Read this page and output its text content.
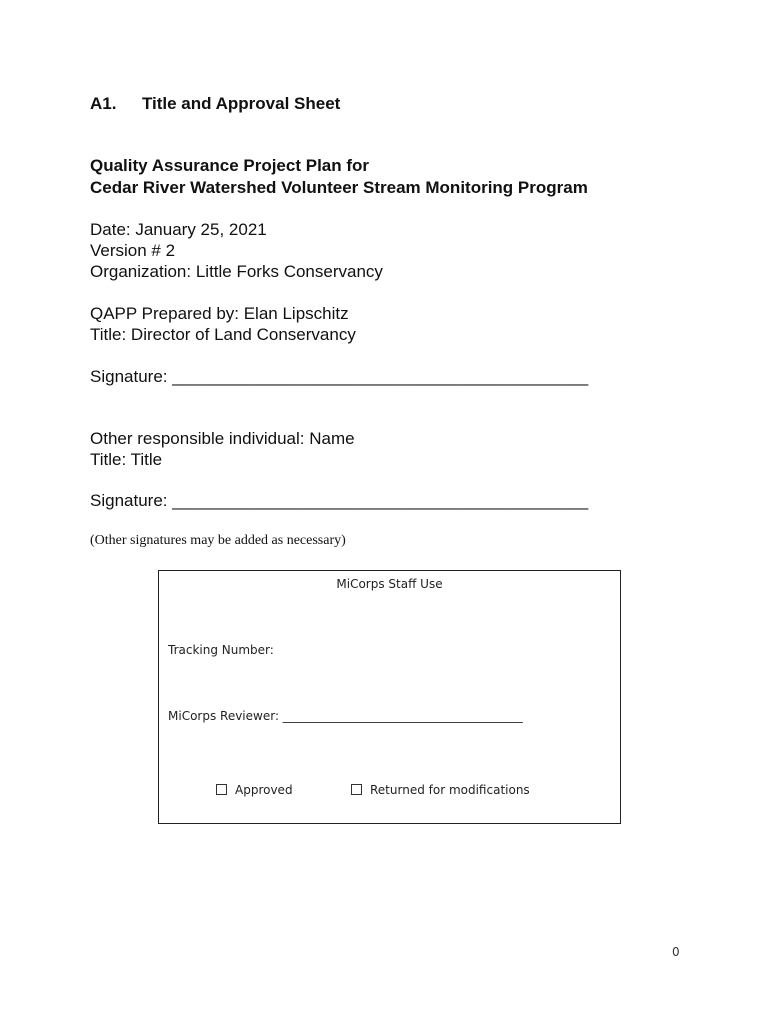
A1. Title and Approval Sheet
Quality Assurance Project Plan for
Cedar River Watershed Volunteer Stream Monitoring Program
Date: January 25, 2021
Version # 2
Organization: Little Forks Conservancy
QAPP Prepared by: Elan Lipschitz
Title: Director of Land Conservancy
Signature: ____________________________________________
Other responsible individual: Name
Title: Title
Signature: ____________________________________________
(Other signatures may be added as necessary)
MiCorps Staff Use
Tracking Number:
MiCorps Reviewer: ________________________________________
Approved	Returned for modifications
0
